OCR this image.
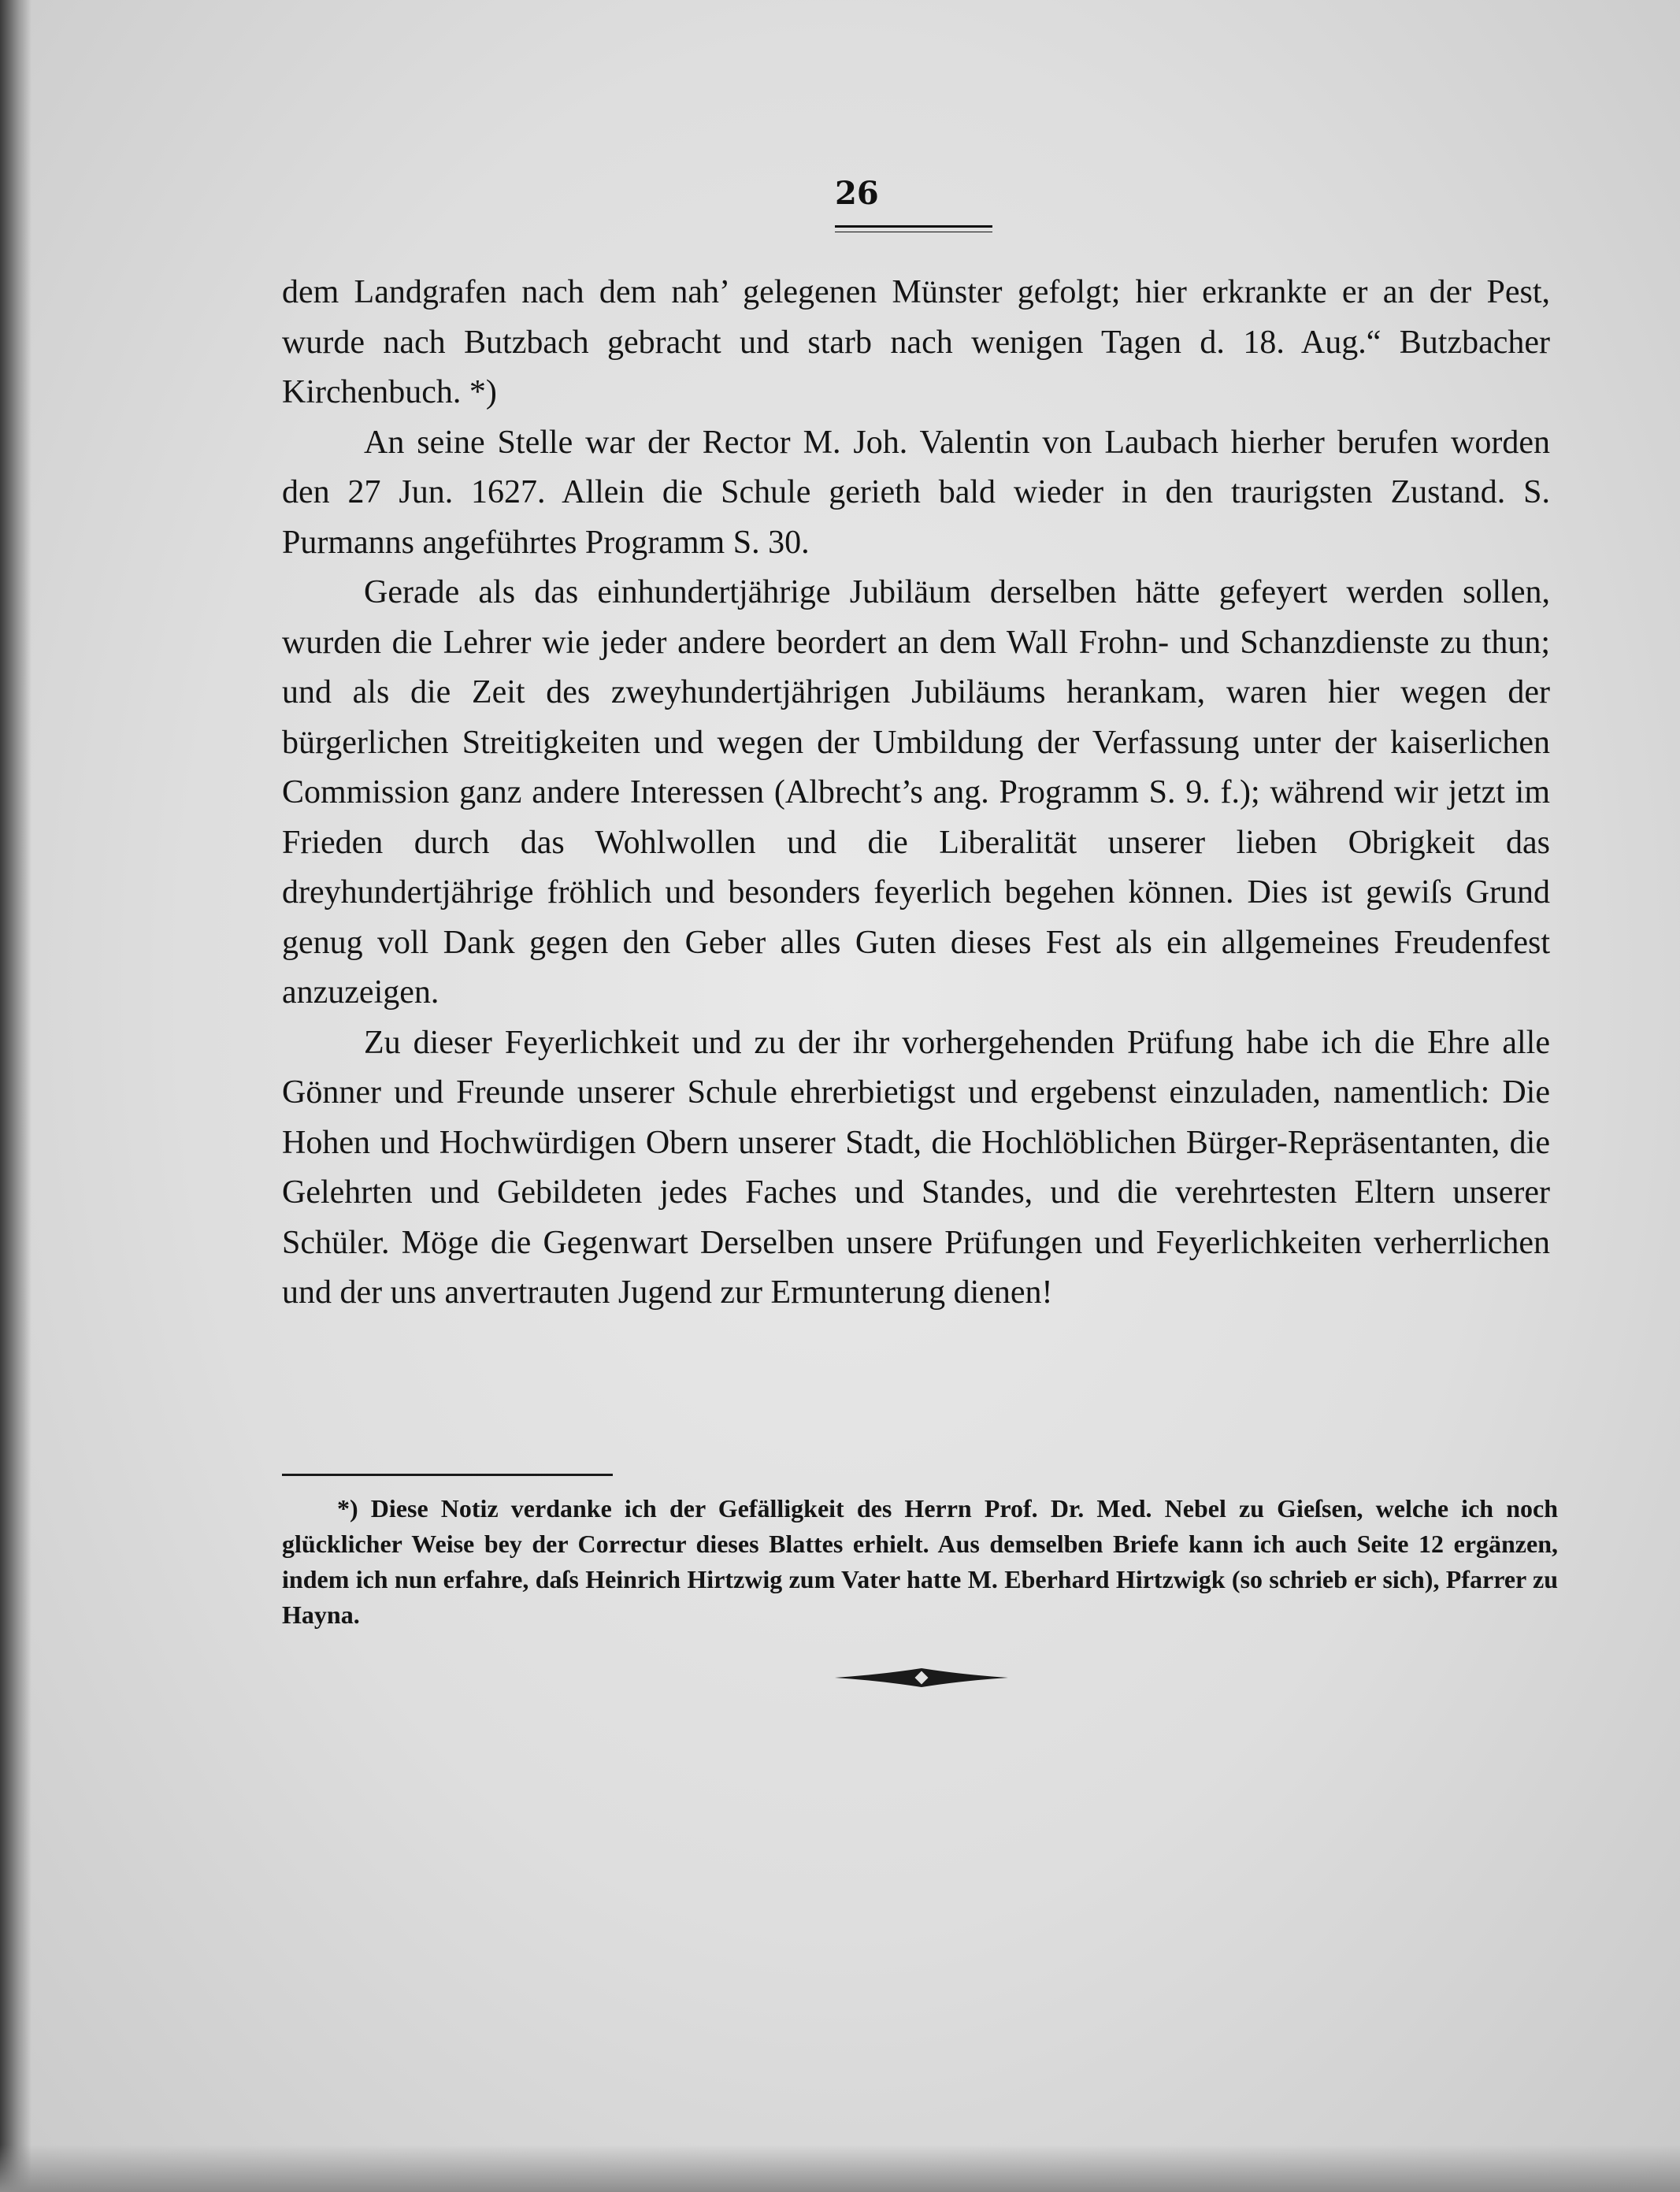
26

dem Landgrafen nach dem nah’ gelegenen Münster gefolgt; hier erkrankte er an der Pest, wurde nach Butzbach gebracht und starb nach wenigen Tagen d. 18. Aug.“ Butzbacher Kirchenbuch. *)

An seine Stelle war der Rector M. Joh. Valentin von Laubach hierher berufen worden den 27 Jun. 1627. Allein die Schule gerieth bald wieder in den traurigsten Zustand. S. Purmanns angeführtes Programm S. 30.

Gerade als das einhundertjährige Jubiläum derselben hätte gefeyert werden sollen, wurden die Lehrer wie jeder andere beordert an dem Wall Frohn- und Schanzdienste zu thun; und als die Zeit des zweyhundertjährigen Jubiläums herankam, waren hier wegen der bürgerlichen Streitigkeiten und wegen der Umbildung der Verfassung unter der kaiserlichen Commission ganz andere Interessen (Albrecht’s ang. Programm S. 9. f.); während wir jetzt im Frieden durch das Wohlwollen und die Liberalität unserer lieben Obrigkeit das dreyhundertjährige fröhlich und besonders feyerlich begehen können. Dies ist gewiſs Grund genug voll Dank gegen den Geber alles Guten dieses Fest als ein allgemeines Freudenfest anzuzeigen.

Zu dieser Feyerlichkeit und zu der ihr vorhergehenden Prüfung habe ich die Ehre alle Gönner und Freunde unserer Schule ehrerbietigst und ergebenst einzuladen, namentlich: Die Hohen und Hochwürdigen Obern unserer Stadt, die Hochlöblichen Bürger-Repräsentanten, die Gelehrten und Gebildeten jedes Faches und Standes, und die verehrtesten Eltern unserer Schüler. Möge die Gegenwart Derselben unsere Prüfungen und Feyerlichkeiten verherrlichen und der uns anvertrauten Jugend zur Ermunterung dienen!

*) Diese Notiz verdanke ich der Gefälligkeit des Herrn Prof. Dr. Med. Nebel zu Gieſsen, welche ich noch glücklicher Weise bey der Correctur dieses Blattes erhielt. Aus demselben Briefe kann ich auch Seite 12 ergänzen, indem ich nun erfahre, daſs Heinrich Hirtzwig zum Vater hatte M. Eberhard Hirtzwigk (so schrieb er sich), Pfarrer zu Hayna.
